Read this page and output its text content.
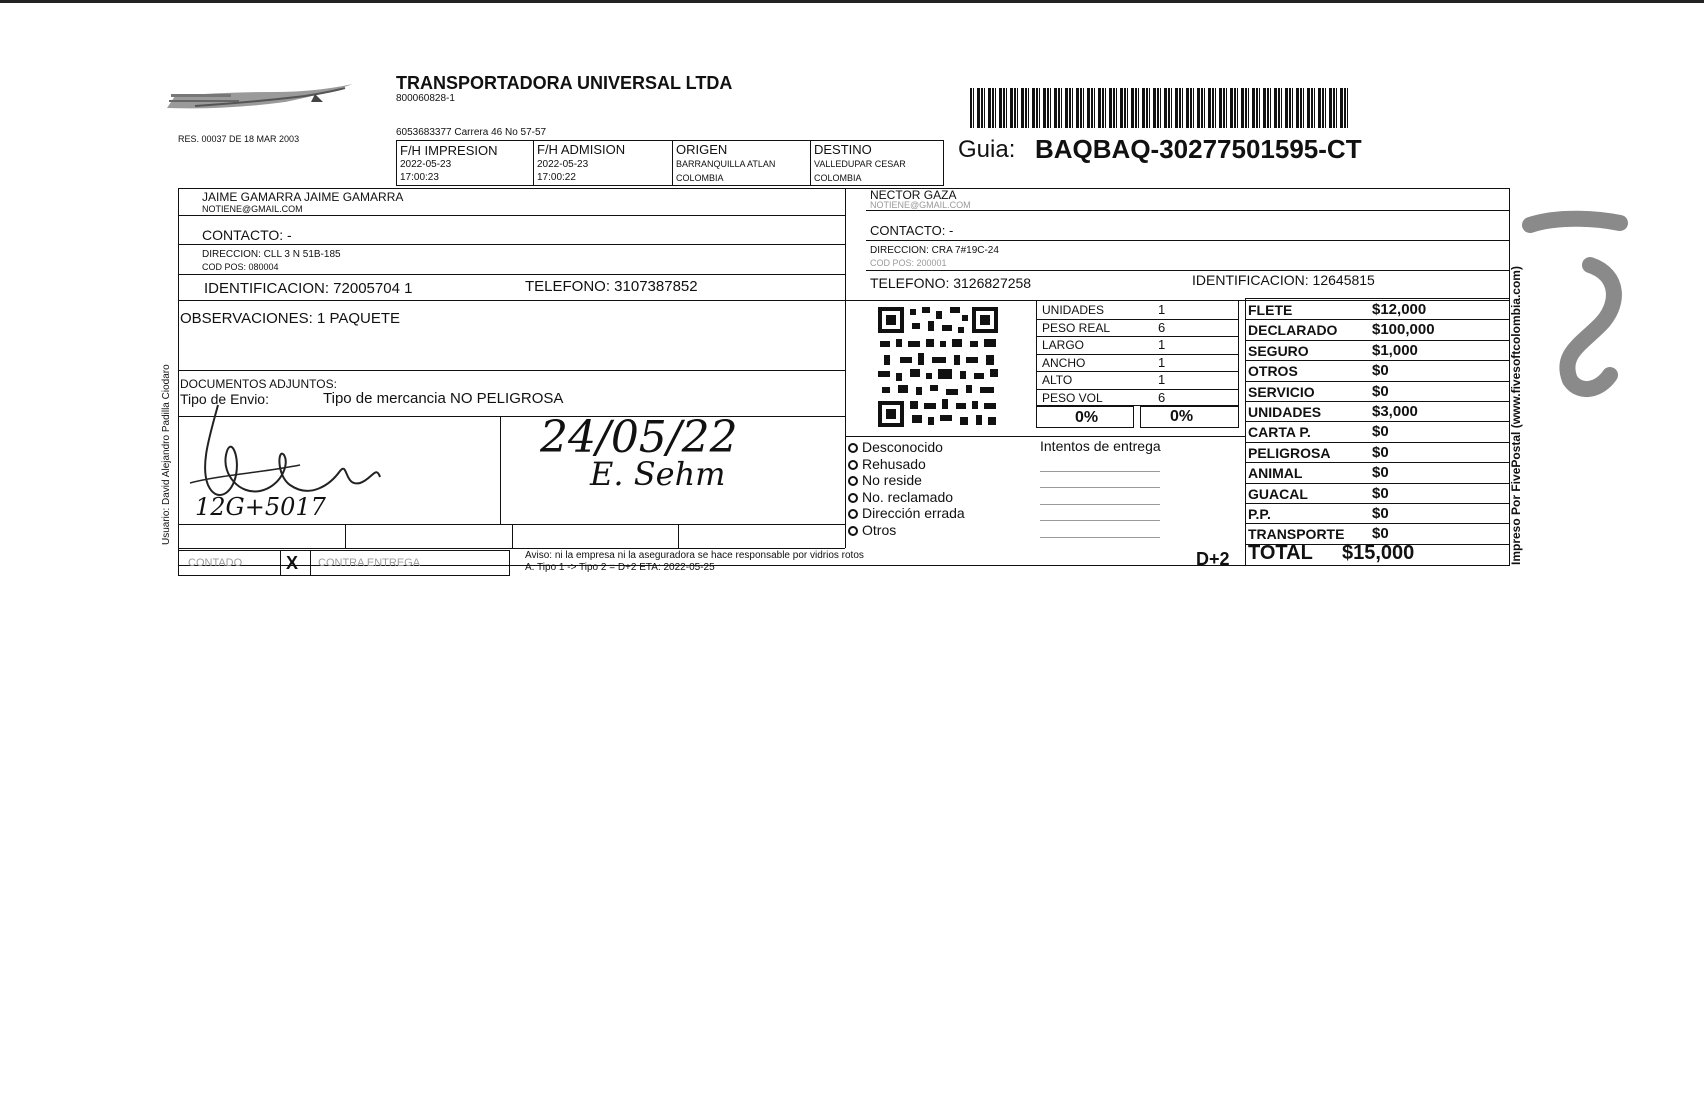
TRANSPORTADORA UNIVERSAL LTDA
800060828-1
RES. 00037 DE 18 MAR 2003
6053683377 Carrera 46 No 57-57
Guia: BAQBAQ-30277501595-CT
F/H IMPRESION
2022-05-23
17:00:23
F/H ADMISION
2022-05-23
17:00:22
ORIGEN
BARRANQUILLA ATLAN
COLOMBIA
DESTINO
VALLEDUPAR CESAR
COLOMBIA
JAIME GAMARRA JAIME GAMARRA
NOTIENE@GMAIL.COM
CONTACTO: -
DIRECCION: CLL 3 N 51B-185
COD POS: 080004
IDENTIFICACION: 72005704 1	TELEFONO: 3107387852
NECTOR GAZA
NOTIENE@GMAIL.COM
CONTACTO: -
DIRECCION: CRA 7#19C-24
COD POS: 200001
TELEFONO: 3126827258	IDENTIFICACION: 12645815
OBSERVACIONES: 1 PAQUETE
DOCUMENTOS ADJUNTOS:
Tipo de Envio:	Tipo de mercancia NO PELIGROSA
UNIDADES	1
PESO REAL	6
LARGO	1
ANCHO	1
ALTO	1
PESO VOL	6
0%	0%
FLETE	$12,000
DECLARADO $100,000
SEGURO	$1,000
OTROS	$0
SERVICIO	$0
UNIDADES	$3,000
CARTA P.	$0
PELIGROSA	$0
ANIMAL	$0
GUACAL	$0
P.P.	$0
TRANSPORTE $0
TOTAL $15,000
D+2
Intentos de entrega
Desconocido
Rehusado
No reside
No. reclamado
Dirección errada
Otros
12G+5017
24/05/22
E. Sehm
CONTADO X CONTRA ENTREGA
Aviso: ni la empresa ni la aseguradora se hace responsable por vidrios rotos
A. Tipo 1 -> Tipo 2 = D+2 ETA: 2022-05-25
Usuario: David Alejandro Padilla Ciodaro	Impreso Por FivePostal (www.fivesoftcolombia.com)
